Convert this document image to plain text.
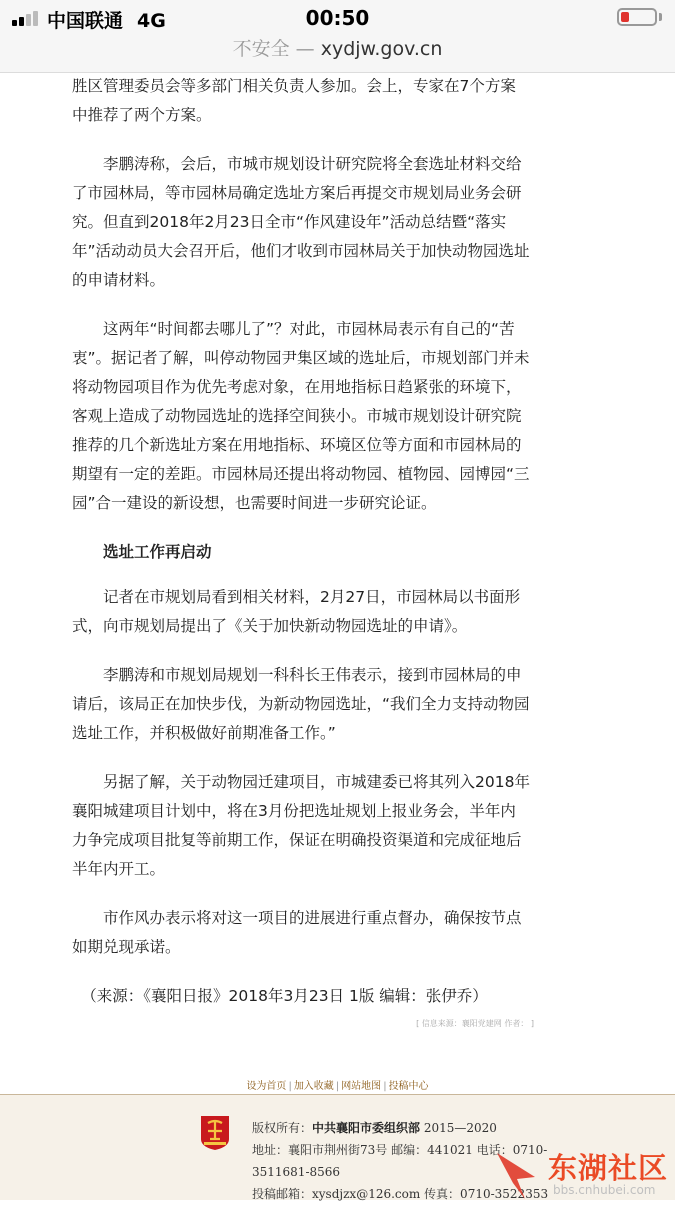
中国联通 4G	00:50
不安全 — xydjw.gov.cn

胜区管理委员会等多部门相关负责人参加。会上，专家在7个方案中推荐了两个方案。

李鹏涛称，会后，市城市规划设计研究院将全套选址材料交给了市园林局，等市园林局确定选址方案后再提交市规划局业务会研究。但直到2018年2月23日全市“作风建设年”活动总结暨“落实年”活动动员大会召开后，他们才收到市园林局关于加快动物园选址的申请材料。

这两年“时间都去哪儿了”？对此，市园林局表示有自己的“苦衷”。据记者了解，叫停动物园尹集区域的选址后，市规划部门并未将动物园项目作为优先考虑对象，在用地指标日趋紧张的环境下，客观上造成了动物园选址的选择空间狭小。市城市规划设计研究院推荐的几个新选址方案在用地指标、环境区位等方面和市园林局的期望有一定的差距。市园林局还提出将动物园、植物园、园博园“三园”合一建设的新设想，也需要时间进一步研究论证。

选址工作再启动

记者在市规划局看到相关材料，2月27日，市园林局以书面形式，向市规划局提出了《关于加快新动物园选址的申请》。

李鹏涛和市规划局规划一科科长王伟表示，接到市园林局的申请后，该局正在加快步伐，为新动物园选址，“我们全力支持动物园选址工作，并积极做好前期准备工作。”

另据了解，关于动物园迁建项目，市城建委已将其列入2018年襄阳城建项目计划中，将在3月份把选址规划上报业务会，半年内力争完成项目批复等前期工作，保证在明确投资渠道和完成征地后半年内开工。

市作风办表示将对这一项目的进展进行重点督办，确保按节点如期兑现承诺。

（来源：《襄阳日报》2018年3月23日 1版 编辑：张伊乔）

[ 信息来源：襄阳党建网 作者： ]
设为首页 | 加入收藏 | 网站地图 | 投稿中心
版权所有：中共襄阳市委组织部 2015—2020
地址：襄阳市荆州街73号 邮编：441021 电话：0710-3511681-8566
投稿邮箱：xysdjzx@126.com 传真：0710-3522353
东湖社区
bbs.cnhubei.com
